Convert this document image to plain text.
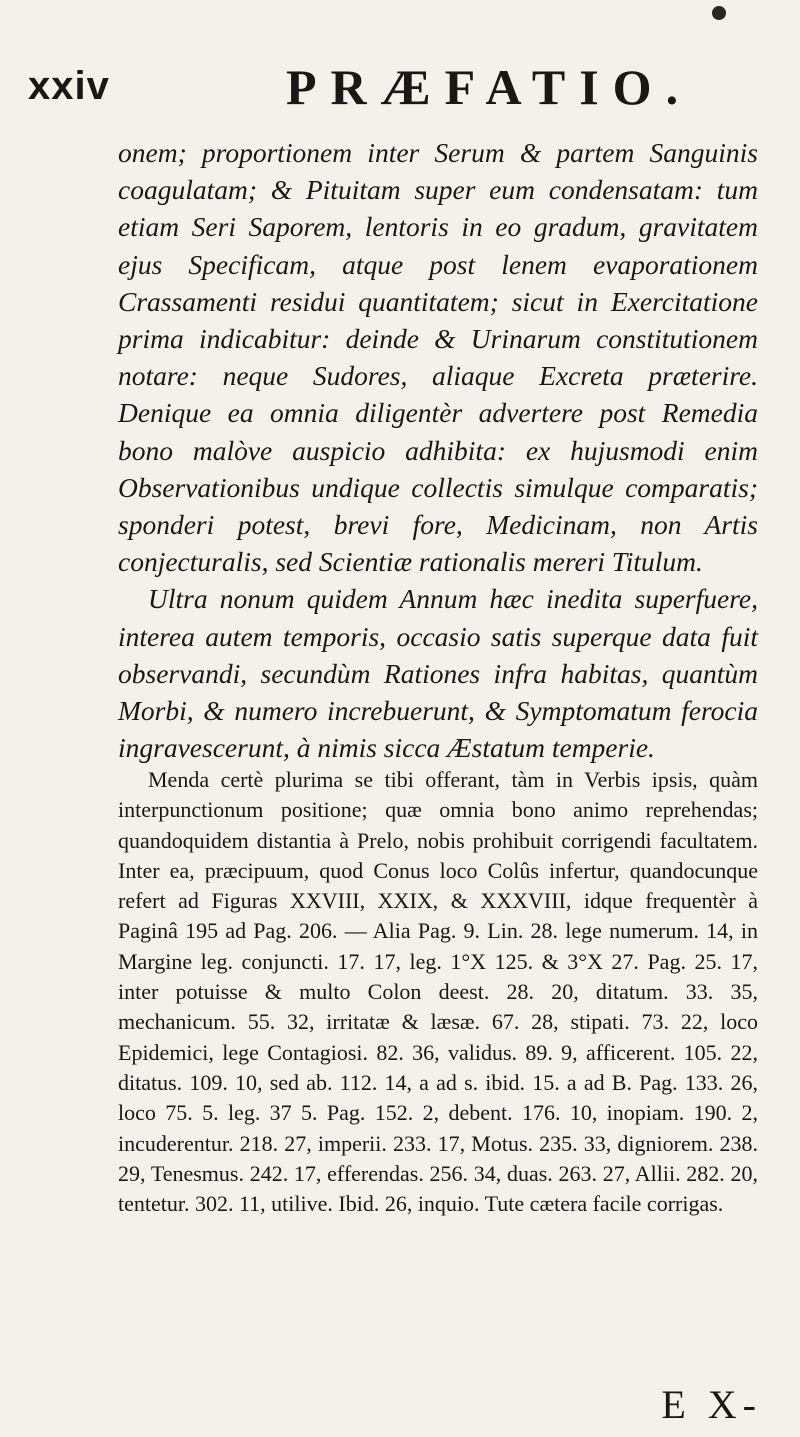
xxiv	PRÆFATIO.

onem; proportionem inter Serum & partem Sanguinis coagulatam; & Pituitam super eum condensatam: tum etiam Seri Saporem, lentoris in eo gradum, gravitatem ejus Specificam, atque post lenem evaporationem Crassamenti residui quantitatem; sicut in Exercitatione prima indicabitur: deinde & Urinarum constitutionem notare: neque Sudores, aliaque Excreta præterire. Denique ea omnia diligentèr advertere post Remedia bono malòve auspicio adhibita: ex hujusmodi enim Observationibus undique collectis simulque comparatis; sponderi potest, brevi fore, Medicinam, non Artis conjecturalis, sed Scientiæ rationalis mereri Titulum.

Ultra nonum quidem Annum hæc inedita superfuere, interea autem temporis, occasio satis superque data fuit observandi, secundùm Rationes infra habitas, quantùm Morbi, & numero increbuerunt, & Symptomatum ferocia ingravescerunt, à nimis sicca Æstatum temperie.

Menda certè plurima se tibi offerant, tàm in Verbis ipsis, quàm interpunctionum positione; quæ omnia bono animo reprehendas; quandoquidem distantia à Prelo, nobis prohibuit corrigendi facultatem. Inter ea, præcipuum, quod Conus loco Colûs infertur, quandocunque refert ad Figuras XXVIII, XXIX, & XXXVIII, idque frequentèr à Paginâ 195 ad Pag. 206. — Alia Pag. 9. Lin. 28. lege numerum. 14, in Margine leg. conjuncti. 17. 17, leg. 1°X 125. & 3°X 27. Pag. 25. 17, inter potuisse & multo Colon deest. 28. 20, ditatum. 33. 35, mechanicum. 55. 32, irritatæ & læsæ. 67. 28, stipati. 73. 22, loco Epidemici, lege Contagiosi. 82. 36, validus. 89. 9, afficerent. 105. 22, ditatus. 109. 10, sed ab. 112. 14, a ad s. ibid. 15. a ad B. Pag. 133. 26, loco 75. 5. leg. 37 5. Pag. 152. 2, debent. 176. 10, inopiam. 190. 2, incuderentur. 218. 27, imperii. 233. 17, Motus. 235. 33, digniorem. 238. 29, Tenesmus. 242. 17, efferendas. 256. 34, duas. 263. 27, Allii. 282. 20, tentetur. 302. 11, utilive. Ibid. 26, inquio. Tute cætera facile corrigas.

E X-
